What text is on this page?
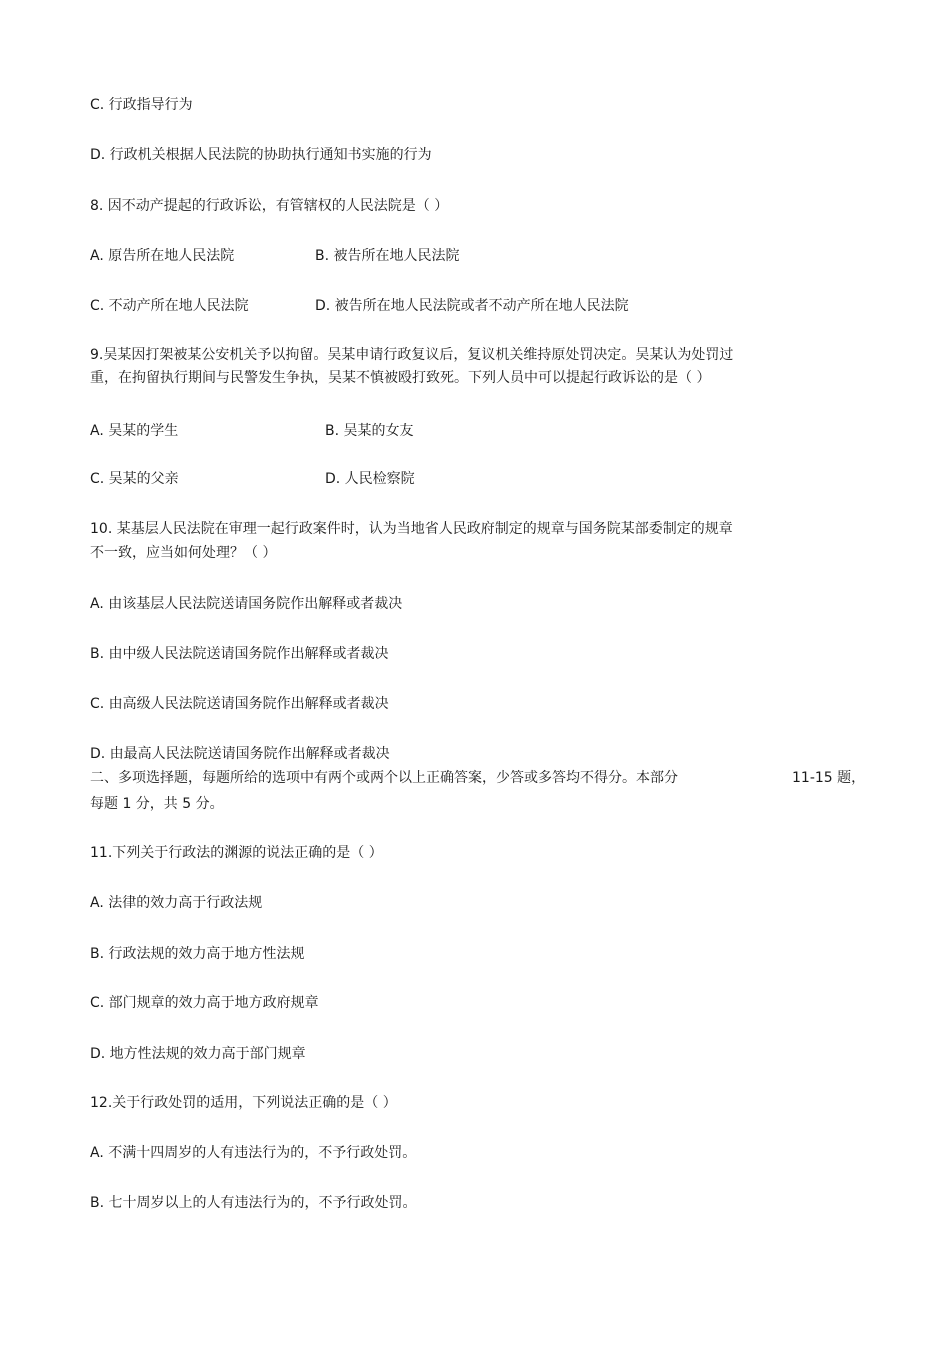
C. 行政指导行为
D. 行政机关根据人民法院的协助执行通知书实施的行为
8. 因不动产提起的行政诉讼，有管辖权的人民法院是（ ）
A. 原告所在地人民法院	B. 被告所在地人民法院
C. 不动产所在地人民法院	D. 被告所在地人民法院或者不动产所在地人民法院
9.吴某因打架被某公安机关予以拘留。吴某申请行政复议后，复议机关维持原处罚决定。吴某认为处罚过
重，在拘留执行期间与民警发生争执，吴某不慎被殴打致死。下列人员中可以提起行政诉讼的是（ ）
A. 吴某的学生	B. 吴某的女友
C. 吴某的父亲	D. 人民检察院
10. 某基层人民法院在审理一起行政案件时，认为当地省人民政府制定的规章与国务院某部委制定的规章
不一致，应当如何处理？（ ）
A. 由该基层人民法院送请国务院作出解释或者裁决
B. 由中级人民法院送请国务院作出解释或者裁决
C. 由高级人民法院送请国务院作出解释或者裁决
D. 由最高人民法院送请国务院作出解释或者裁决
二、多项选择题，每题所给的选项中有两个或两个以上正确答案，少答或多答均不得分。本部分	11-15 题，
每题 1 分，共 5 分。
11.下列关于行政法的渊源的说法正确的是（ ）
A. 法律的效力高于行政法规
B. 行政法规的效力高于地方性法规
C. 部门规章的效力高于地方政府规章
D. 地方性法规的效力高于部门规章
12.关于行政处罚的适用，下列说法正确的是（ ）
A. 不满十四周岁的人有违法行为的，不予行政处罚。
B. 七十周岁以上的人有违法行为的，不予行政处罚。
